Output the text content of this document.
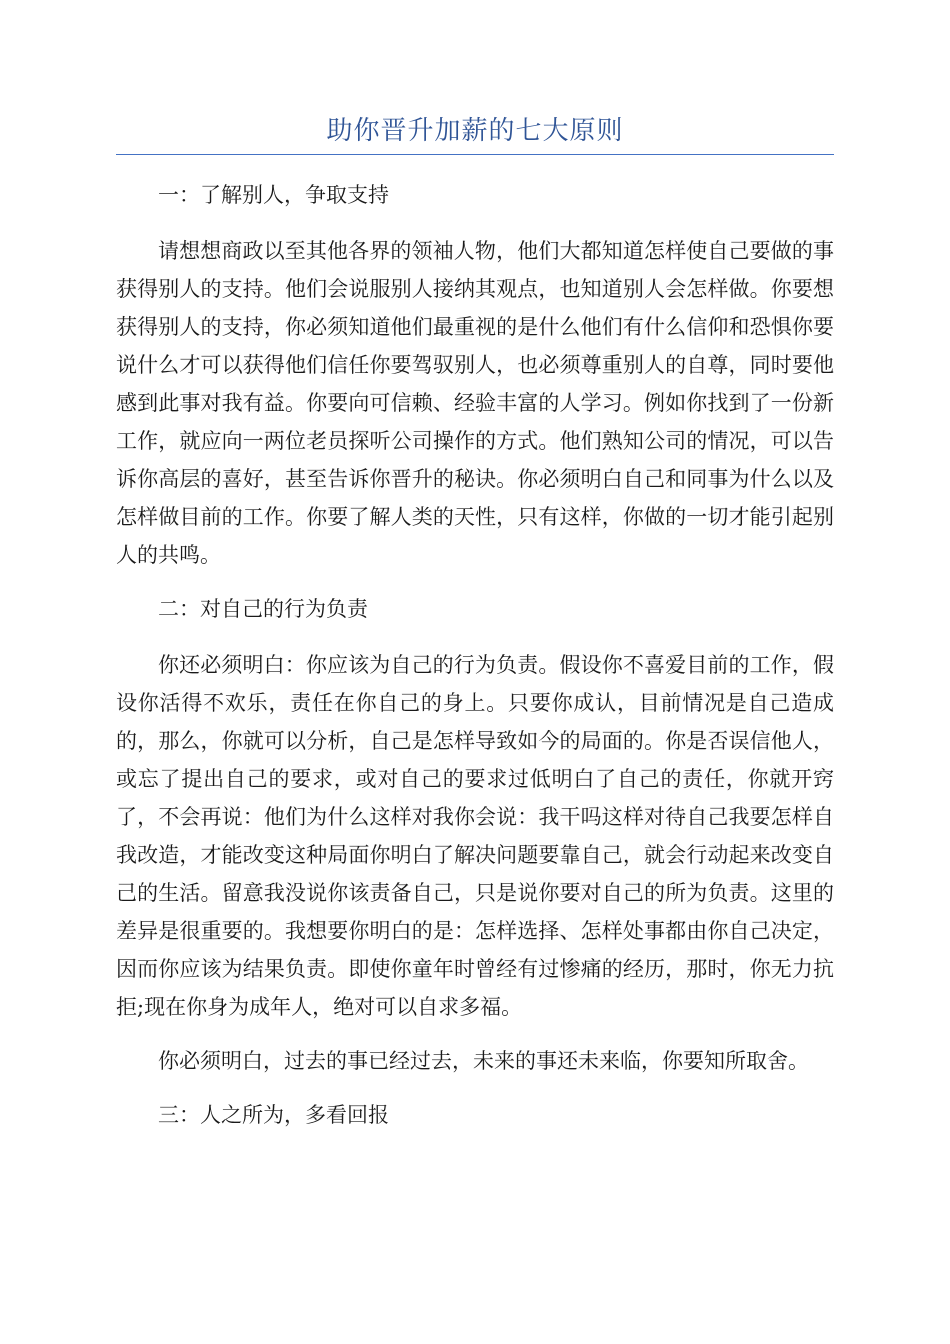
助你晋升加薪的七大原则

一：了解别人，争取支持

请想想商政以至其他各界的领袖人物，他们大都知道怎样使自己要做的事获得别人的支持。他们会说服别人接纳其观点，也知道别人会怎样做。你要想获得别人的支持，你必须知道他们最重视的是什么他们有什么信仰和恐惧你要说什么才可以获得他们信任你要驾驭别人，也必须尊重别人的自尊，同时要他感到此事对我有益。你要向可信赖、经验丰富的人学习。例如你找到了一份新工作，就应向一两位老员探听公司操作的方式。他们熟知公司的情况，可以告诉你高层的喜好，甚至告诉你晋升的秘诀。你必须明白自己和同事为什么以及怎样做目前的工作。你要了解人类的天性，只有这样，你做的一切才能引起别人的共鸣。

二：对自己的行为负责

你还必须明白：你应该为自己的行为负责。假设你不喜爱目前的工作，假设你活得不欢乐，责任在你自己的身上。只要你成认，目前情况是自己造成的，那么，你就可以分析，自己是怎样导致如今的局面的。你是否误信他人，或忘了提出自己的要求，或对自己的要求过低明白了自己的责任，你就开窍了，不会再说：他们为什么这样对我你会说：我干吗这样对待自己我要怎样自我改造，才能改变这种局面你明白了解决问题要靠自己，就会行动起来改变自己的生活。留意我没说你该责备自己，只是说你要对自己的所为负责。这里的差异是很重要的。我想要你明白的是：怎样选择、怎样处事都由你自己决定，因而你应该为结果负责。即使你童年时曾经有过惨痛的经历，那时，你无力抗拒;现在你身为成年人，绝对可以自求多福。

你必须明白，过去的事已经过去，未来的事还未来临，你要知所取舍。

三：人之所为，多看回报
